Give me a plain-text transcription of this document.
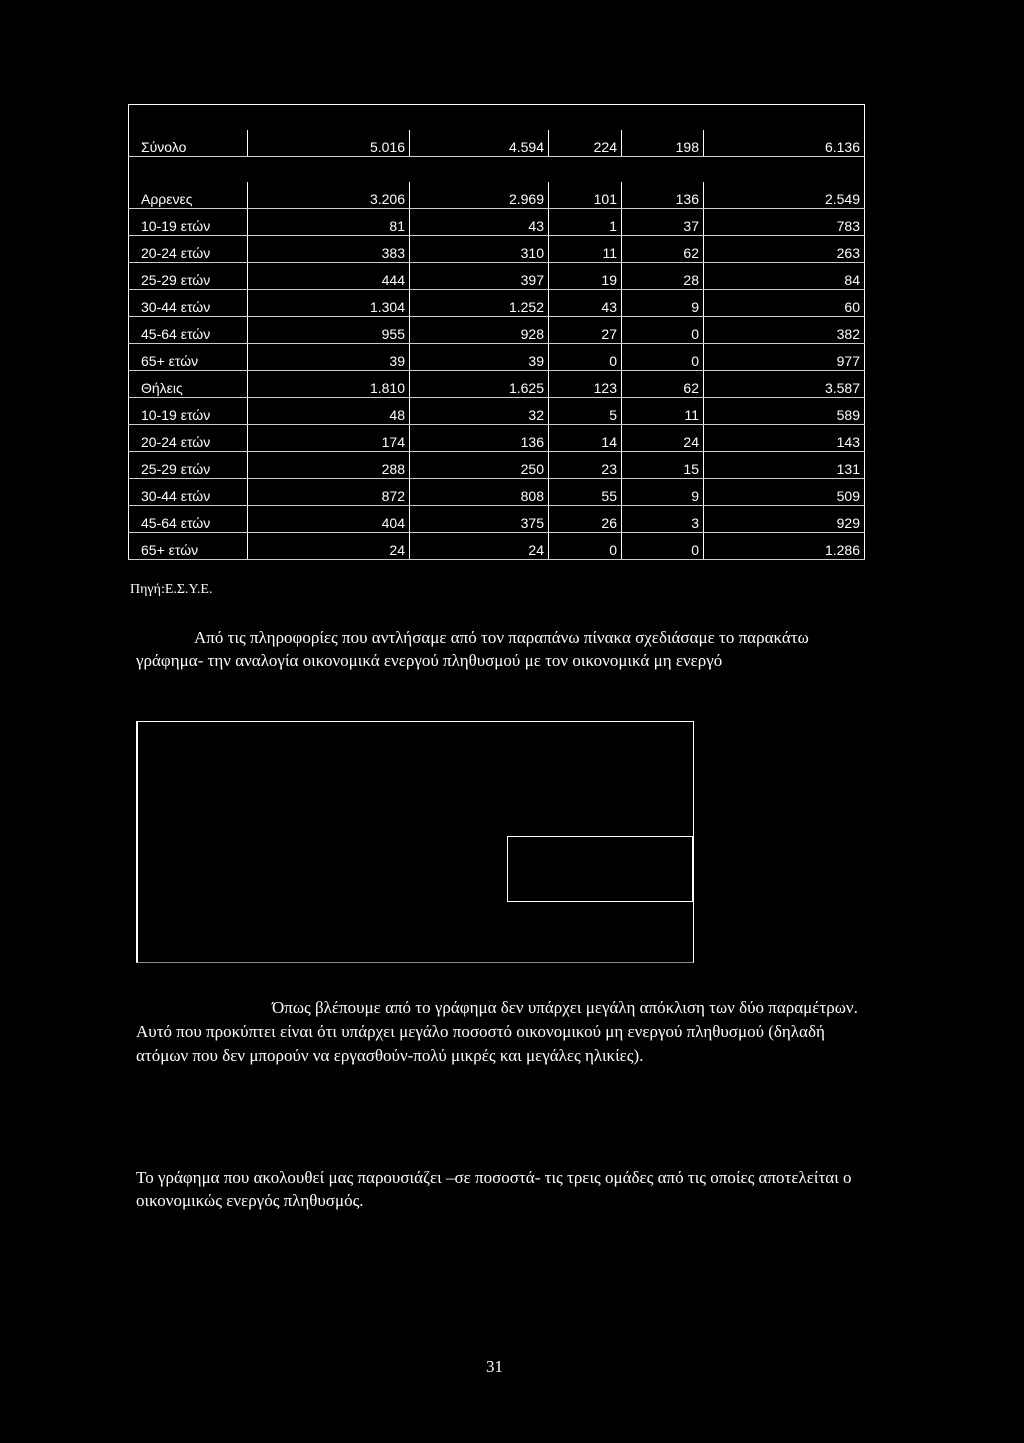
Σύνολο	5.016	4.594	224	198	6.136

Αρρενες	3.206	2.969	101	136	2.549
10-19 ετών	81	43	1	37	783
20-24 ετών	383	310	11	62	263
25-29 ετών	444	397	19	28	84
30-44 ετών	1.304	1.252	43	9	60
45-64 ετών	955	928	27	0	382
65+ ετών	39	39	0	0	977
Θήλεις	1.810	1.625	123	62	3.587
10-19 ετών	48	32	5	11	589
20-24 ετών	174	136	14	24	143
25-29 ετών	288	250	23	15	131
30-44 ετών	872	808	55	9	509
45-64 ετών	404	375	26	3	929
65+ ετών	24	24	0	0	1.286
Πηγή:Ε.Σ.Υ.Ε.

Από τις πληροφορίες που αντλήσαμε από τον παραπάνω πίνακα σχεδιάσαμε το παρακάτω γράφημα- την αναλογία οικονομικά ενεργού πληθυσμού με τον οικονομικά μη ενεργό

Όπως βλέπουμε από το γράφημα δεν υπάρχει μεγάλη απόκλιση των δύο παραμέτρων. Αυτό που προκύπτει είναι ότι υπάρχει μεγάλο ποσοστό οικονομικού μη ενεργού πληθυσμού (δηλαδή ατόμων που δεν μπορούν να εργασθούν-πολύ μικρές και μεγάλες ηλικίες).

Το γράφημα που ακολουθεί μας παρουσιάζει –σε ποσοστά- τις τρεις ομάδες από τις οποίες αποτελείται ο οικονομικώς ενεργός πληθυσμός.

31
